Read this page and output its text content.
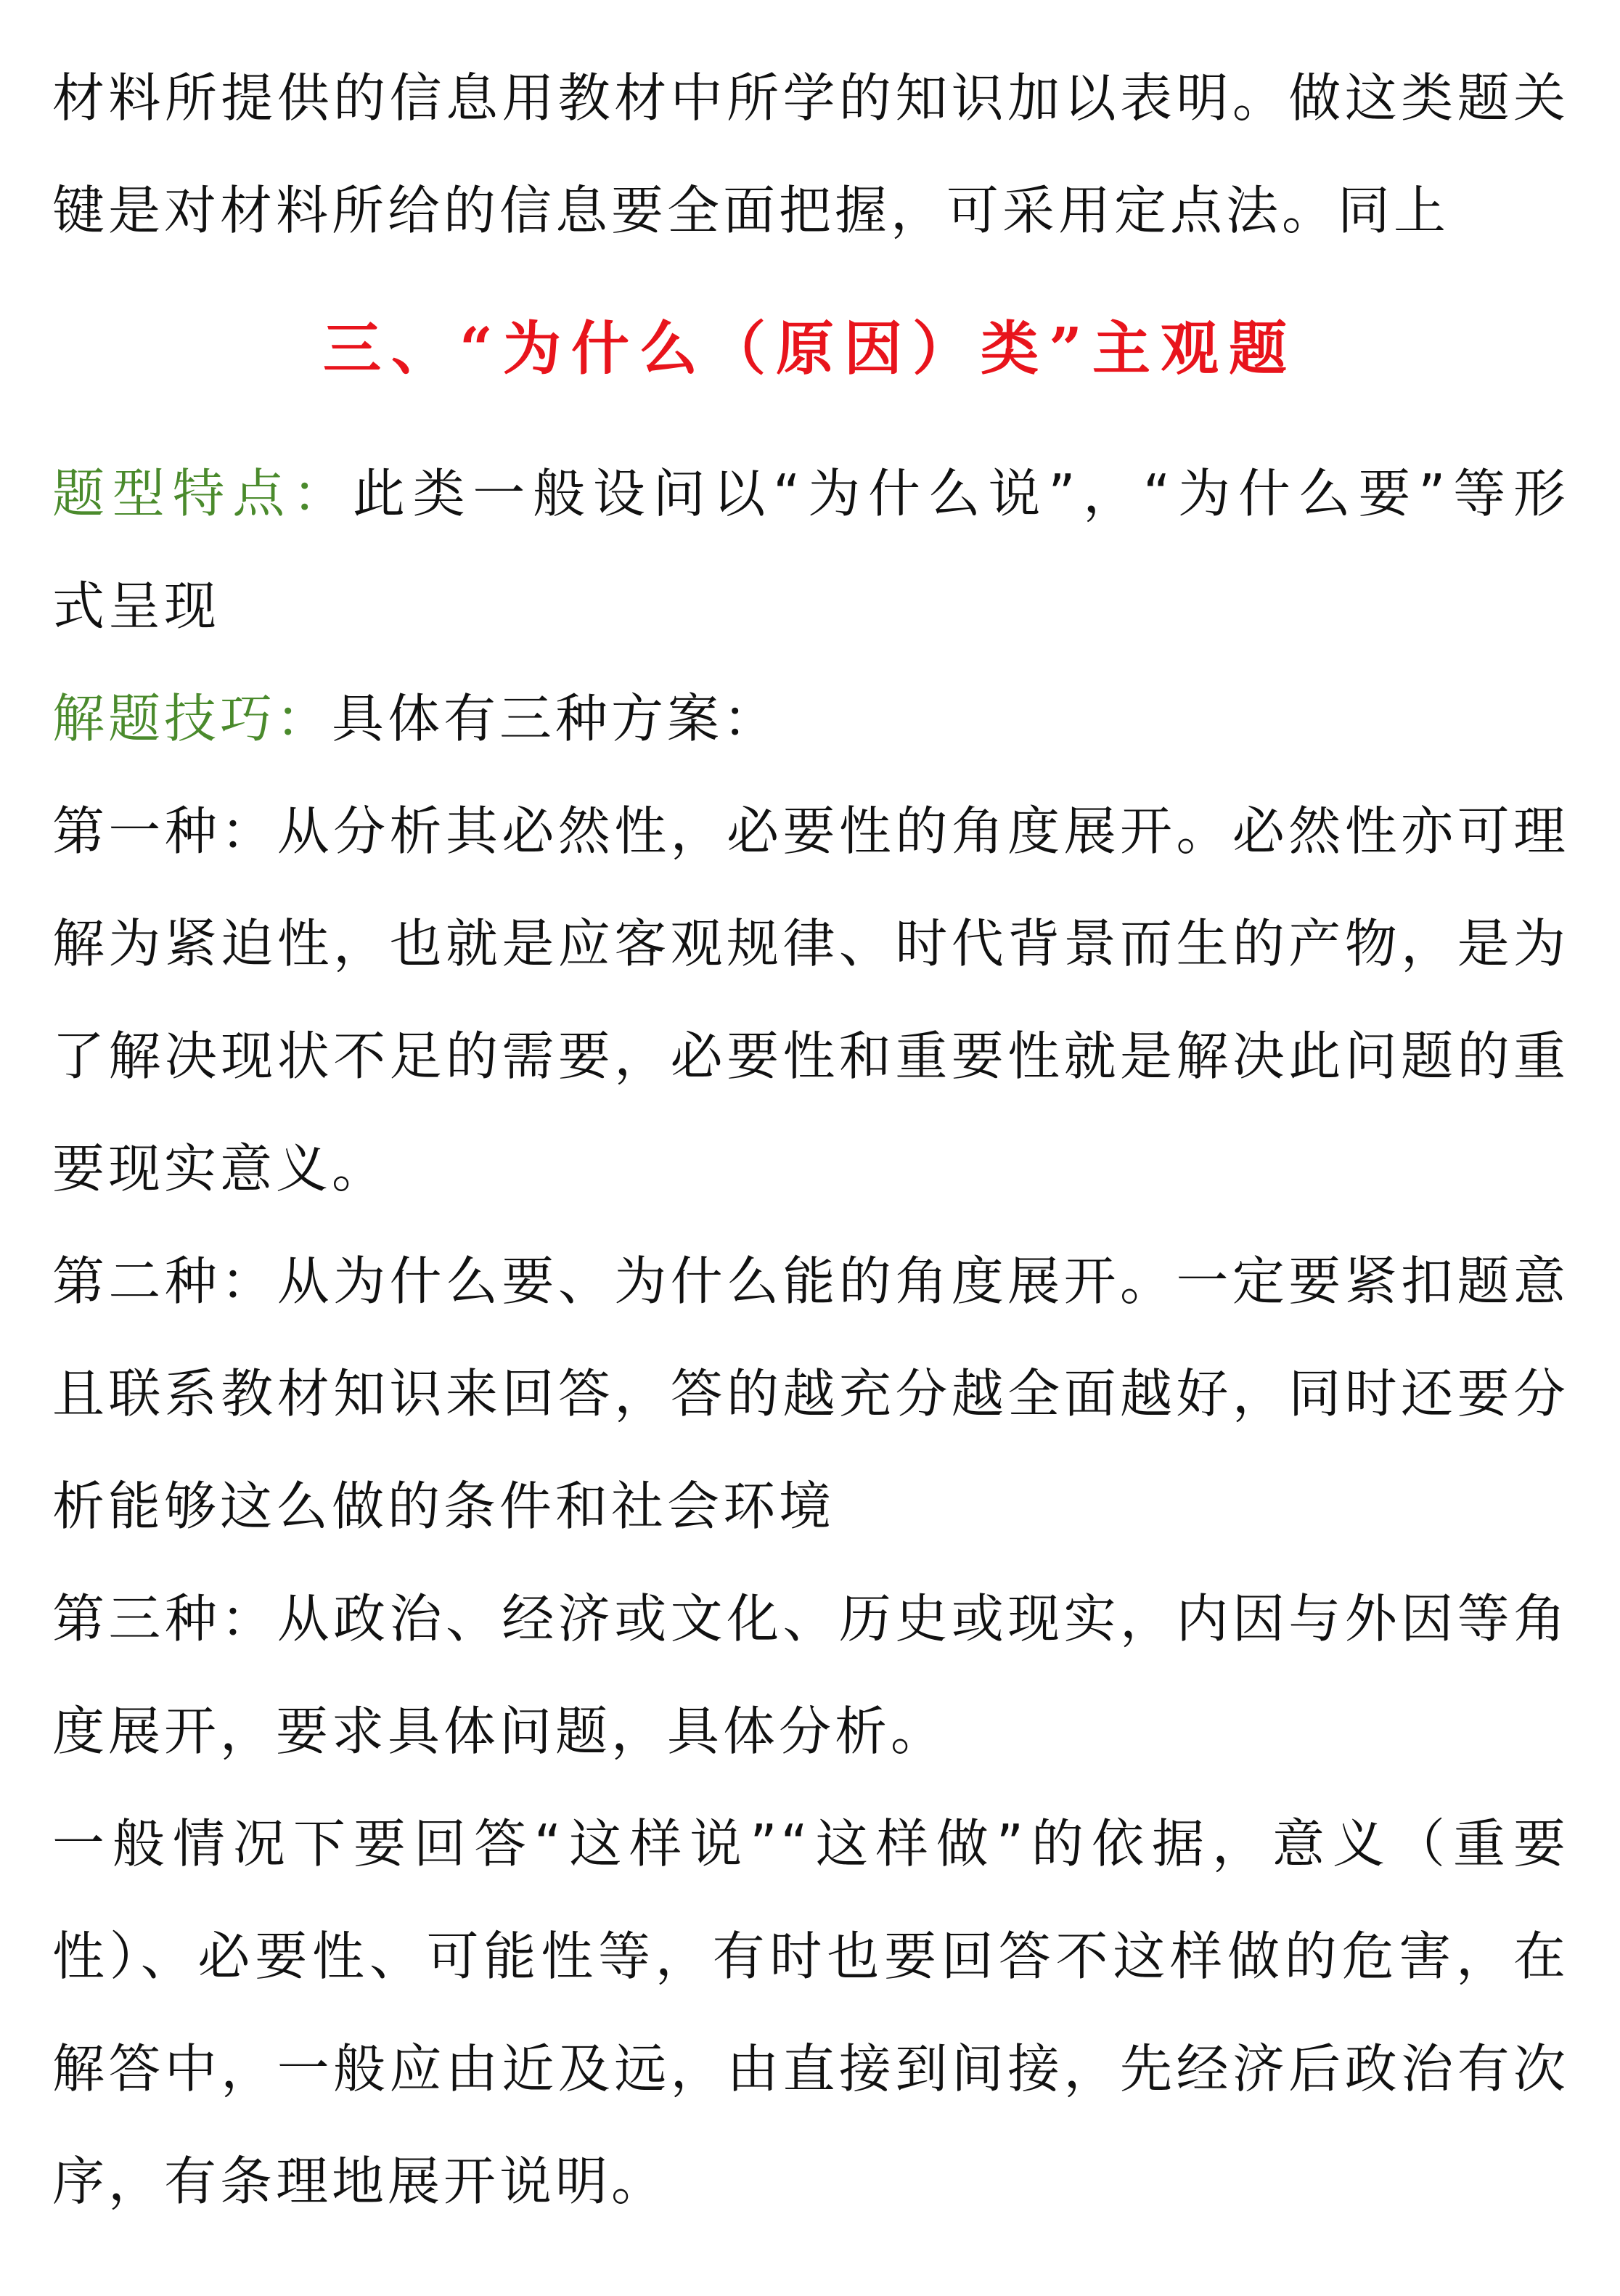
材料所提供的信息用教材中所学的知识加以表明。做这类题关
键是对材料所给的信息要全面把握，可采用定点法。同上
三、“为什么（原因）类”主观题
题型特点：此类一般设问以“为什么说”，“为什么要”等形
式呈现
解题技巧：具体有三种方案：
第一种：从分析其必然性，必要性的角度展开。必然性亦可理
解为紧迫性，也就是应客观规律、时代背景而生的产物，是为
了解决现状不足的需要，必要性和重要性就是解决此问题的重
要现实意义。
第二种：从为什么要、为什么能的角度展开。一定要紧扣题意
且联系教材知识来回答，答的越充分越全面越好，同时还要分
析能够这么做的条件和社会环境
第三种：从政治、经济或文化、历史或现实，内因与外因等角
度展开，要求具体问题，具体分析。
一般情况下要回答“这样说”“这样做”的依据，意义（重要
性）、必要性、可能性等，有时也要回答不这样做的危害，在
解答中，一般应由近及远，由直接到间接，先经济后政治有次
序，有条理地展开说明。
